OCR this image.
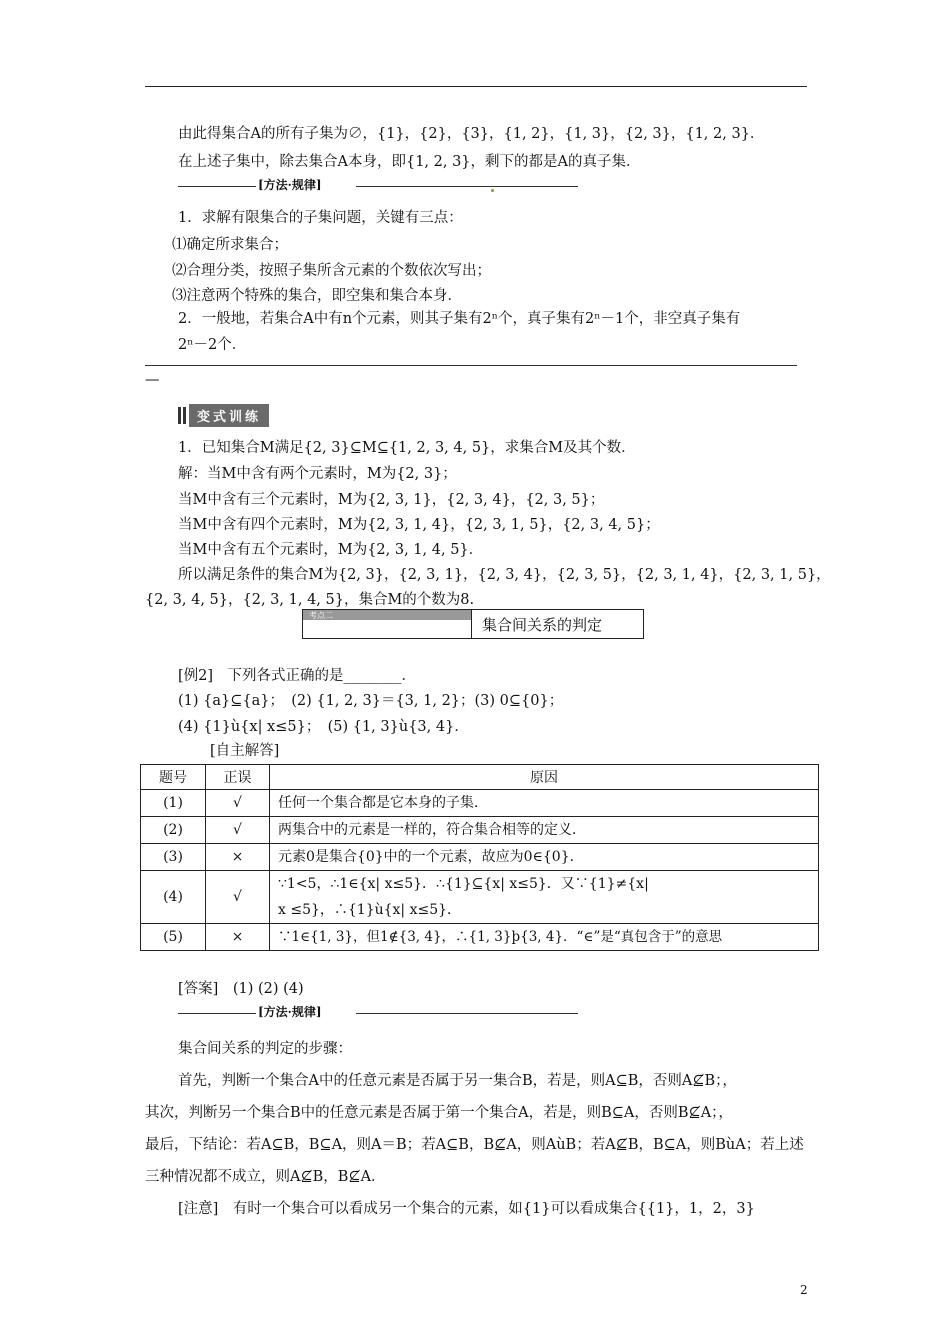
由此得集合A的所有子集为∅，{1}，{2}，{3}，{1, 2}，{1, 3}，{2, 3}，{1, 2, 3}．
在上述子集中，除去集合A本身，即{1, 2, 3}，剩下的都是A的真子集．
[方法·规律]
1．求解有限集合的子集问题，关键有三点：
⑴确定所求集合；
⑵合理分类，按照子集所含元素的个数依次写出；
⑶注意两个特殊的集合，即空集和集合本身．
2．一般地，若集合A中有n个元素，则其子集有2ⁿ个，真子集有2ⁿ－1个，非空真子集有
2ⁿ－2个．
—
变式训练
1．已知集合M满足{2, 3}⊆M⊆{1, 2, 3, 4, 5}，求集合M及其个数．
解：当M中含有两个元素时，M为{2, 3}；
当M中含有三个元素时，M为{2, 3, 1}，{2, 3, 4}，{2, 3, 5}；
当M中含有四个元素时，M为{2, 3, 1, 4}，{2, 3, 1, 5}，{2, 3, 4, 5}；
当M中含有五个元素时，M为{2, 3, 1, 4, 5}．
所以满足条件的集合M为{2, 3}，{2, 3, 1}，{2, 3, 4}，{2, 3, 5}，{2, 3, 1, 4}，{2, 3, 1, 5}，
{2, 3, 4, 5}，{2, 3, 1, 4, 5}，集合M的个数为8.
考点二	集合间关系的判定
[例2]　下列各式正确的是________．
(1) {a}⊆{a}；　(2) {1, 2, 3}＝{3, 1, 2}；(3) 0⊆{0}；
(4) {1}ù{x| x≤5}；　(5) {1, 3}ù{3, 4}．
[自主解答]
题号	正误	原因
(1)	√	任何一个集合都是它本身的子集．
(2)	√	两集合中的元素是一样的，符合集合相等的定义．
(3)	×	元素0是集合{0}中的一个元素，故应为0∈{0}．
(4)	√	∵1<5，∴1∈{x| x≤5}．∴{1}⊆{x| x≤5}．又∵{1}≠{x|
x ≤5}，∴{1}ù{x| x≤5}．

(5)	×	∵1∈{1, 3}，但1∉{3, 4}，∴{1, 3}þ{3, 4}．“∈”是“真包含于”的意思
[答案]　(1) (2) (4)
[方法·规律]
集合间关系的判定的步骤：
首先，判断一个集合A中的任意元素是否属于另一集合B，若是，则A⊆B，否则A⊈B；，
其次，判断另一个集合B中的任意元素是否属于第一个集合A，若是，则B⊆A，否则B⊈A；，
最后，下结论：若A⊆B，B⊆A，则A＝B；若A⊆B，B⊈A，则AùB；若A⊈B，B⊆A，则BùA；若上述
三种情况都不成立，则A⊈B，B⊈A．
[注意]　有时一个集合可以看成另一个集合的元素，如{1}可以看成集合{{1}，1，2，3}
2
